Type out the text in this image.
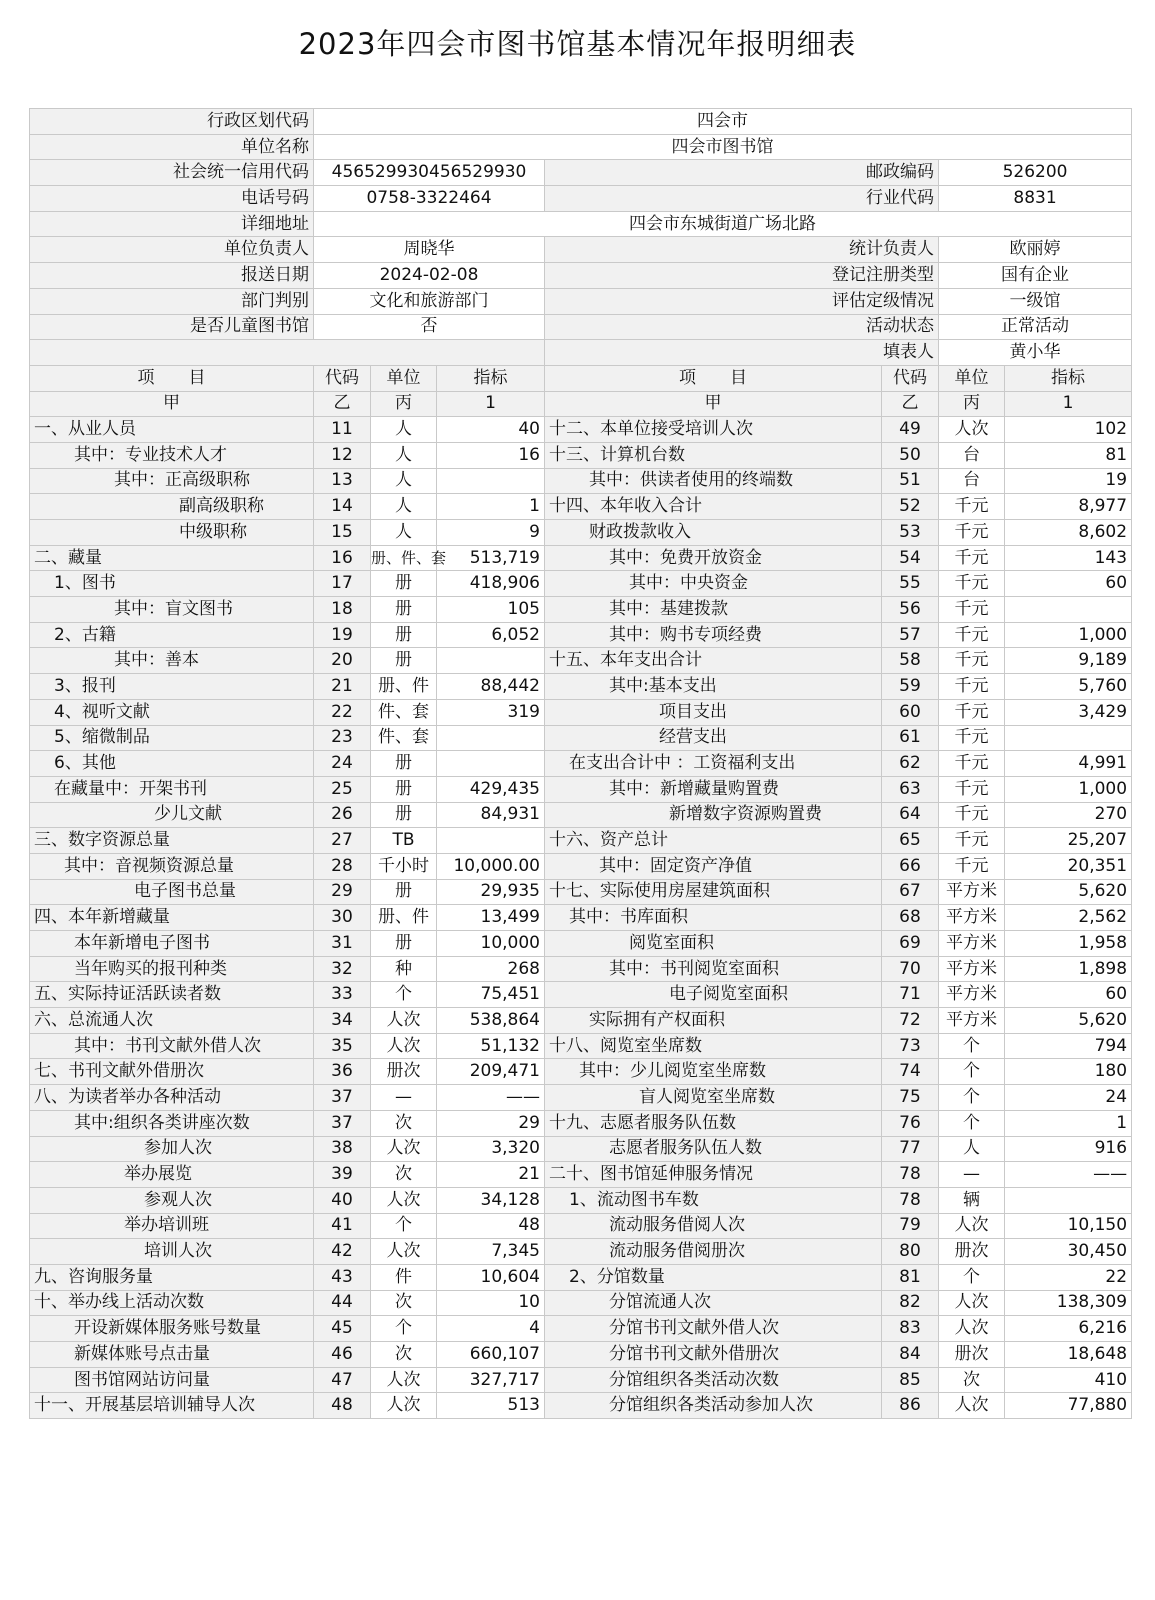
2023年四会市图书馆基本情况年报明细表
行政区划代码	四会市						
单位名称	四会市图书馆						
社会统一信用代码	456529930456529930			邮政编码		526200	
电话号码	0758-3322464			行业代码		8831	
详细地址	四会市东城街道广场北路						
单位负责人	周晓华			统计负责人		欧丽婷	
报送日期	2024-02-08			登记注册类型		国有企业	
部门判别	文化和旅游部门			评估定级情况		一级馆	
是否儿童图书馆	否			活动状态		正常活动	
				填表人		黄小华	
项　　目	代码	单位	指标	项　　目	代码	单位	指标
甲	乙	丙	1	甲	乙	丙	1
一、从业人员	11	人	40	十二、本单位接受培训人次	49	人次	102
其中：专业技术人才	12	人	16	十三、计算机台数	50	台	81
其中：正高级职称	13	人		其中：供读者使用的终端数	51	台	19
副高级职称	14	人	1	十四、本年收入合计	52	千元	8,977
中级职称	15	人	9	财政拨款收入	53	千元	8,602
二、藏量	16	册、件、套	513,719	其中：免费开放资金	54	千元	143
1、图书	17	册	418,906	其中：中央资金	55	千元	60
其中：盲文图书	18	册	105	其中：基建拨款	56	千元	
2、古籍	19	册	6,052	其中：购书专项经费	57	千元	1,000
其中：善本	20	册		十五、本年支出合计	58	千元	9,189
3、报刊	21	册、件	88,442	其中:基本支出	59	千元	5,760
4、视听文献	22	件、套	319	项目支出	60	千元	3,429
5、缩微制品	23	件、套		经营支出	61	千元	
6、其他	24	册		在支出合计中 ：工资福利支出	62	千元	4,991
在藏量中：开架书刊	25	册	429,435	其中：新增藏量购置费	63	千元	1,000
少儿文献	26	册	84,931	新增数字资源购置费	64	千元	270
三、数字资源总量	27	TB		十六、资产总计	65	千元	25,207
其中：音视频资源总量	28	千小时	10,000.00	其中：固定资产净值	66	千元	20,351
电子图书总量	29	册	29,935	十七、实际使用房屋建筑面积	67	平方米	5,620
四、本年新增藏量	30	册、件	13,499	其中：书库面积	68	平方米	2,562
本年新增电子图书	31	册	10,000	阅览室面积	69	平方米	1,958
当年购买的报刊种类	32	种	268	其中：书刊阅览室面积	70	平方米	1,898
五、实际持证活跃读者数	33	个	75,451	电子阅览室面积	71	平方米	60
六、总流通人次	34	人次	538,864	实际拥有产权面积	72	平方米	5,620
其中：书刊文献外借人次	35	人次	51,132	十八、阅览室坐席数	73	个	794
七、书刊文献外借册次	36	册次	209,471	其中：少儿阅览室坐席数	74	个	180
八、为读者举办各种活动	37	—	——	盲人阅览室坐席数	75	个	24
其中:组织各类讲座次数	37	次	29	十九、志愿者服务队伍数	76	个	1
参加人次	38	人次	3,320	志愿者服务队伍人数	77	人	916
举办展览	39	次	21	二十、图书馆延伸服务情况	78	—	——
参观人次	40	人次	34,128	1、流动图书车数	78	辆	
举办培训班	41	个	48	流动服务借阅人次	79	人次	10,150
培训人次	42	人次	7,345	流动服务借阅册次	80	册次	30,450
九、咨询服务量	43	件	10,604	2、分馆数量	81	个	22
十、举办线上活动次数	44	次	10	分馆流通人次	82	人次	138,309
开设新媒体服务账号数量	45	个	4	分馆书刊文献外借人次	83	人次	6,216
新媒体账号点击量	46	次	660,107	分馆书刊文献外借册次	84	册次	18,648
图书馆网站访问量	47	人次	327,717	分馆组织各类活动次数	85	次	410
十一、开展基层培训辅导人次	48	人次	513	分馆组织各类活动参加人次	86	人次	77,880
